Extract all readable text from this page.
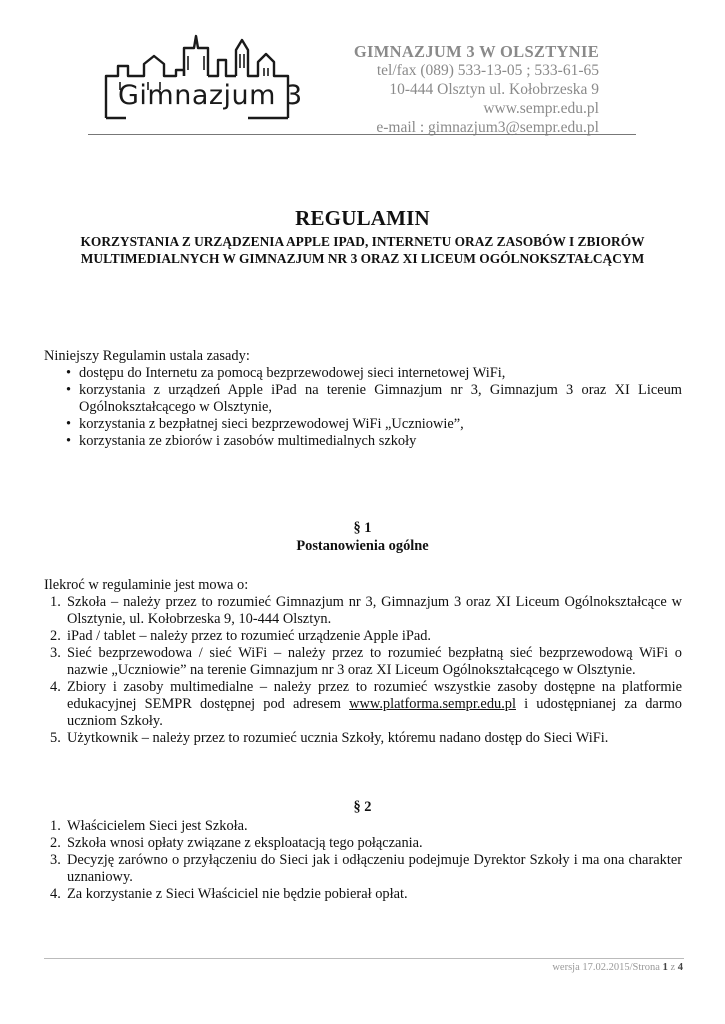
Gimnazjum 3
GIMNAZJUM 3 W OLSZTYNIE
tel/fax (089) 533-13-05 ; 533-61-65
10-444 Olsztyn ul. Kołobrzeska 9
www.sempr.edu.pl
e-mail : gimnazjum3@sempr.edu.pl
REGULAMIN
KORZYSTANIA Z URZĄDZENIA APPLE IPAD, INTERNETU ORAZ ZASOBÓW I ZBIORÓW
MULTIMEDIALNYCH W GIMNAZJUM NR 3 ORAZ XI LICEUM OGÓLNOKSZTAŁCĄCYM

Niniejszy Regulamin ustala zasady:

• dostępu do Internetu za pomocą bezprzewodowej sieci internetowej WiFi,
• korzystania z urządzeń Apple iPad na terenie Gimnazjum nr 3, Gimnazjum 3 oraz XI Liceum Ogólnokształcącego w Olsztynie,
• korzystania z bezpłatnej sieci bezprzewodowej WiFi „Uczniowie”,
• korzystania ze zbiorów i zasobów multimedialnych szkoły
§ 1
Postanowienia ogólne

Ilekroć w regulaminie jest mowa o:

1. Szkoła – należy przez to rozumieć Gimnazjum nr 3, Gimnazjum 3 oraz XI Liceum Ogólnokształcące w Olsztynie, ul. Kołobrzeska 9, 10-444 Olsztyn.
2. iPad / tablet – należy przez to rozumieć urządzenie Apple iPad.
3. Sieć bezprzewodowa / sieć WiFi – należy przez to rozumieć bezpłatną sieć bezprzewodową WiFi o nazwie „Uczniowie” na terenie Gimnazjum nr 3 oraz XI Liceum Ogólnokształcącego w Olsztynie.
4. Zbiory i zasoby multimedialne – należy przez to rozumieć wszystkie zasoby dostępne na platformie edukacyjnej SEMPR dostępnej pod adresem www.platforma.sempr.edu.pl i udostępnianej za darmo uczniom Szkoły.
5. Użytkownik – należy przez to rozumieć ucznia Szkoły, któremu nadano dostęp do Sieci WiFi.
§ 2
1. Właścicielem Sieci jest Szkoła.
2. Szkoła wnosi opłaty związane z eksploatacją tego połączania.
3. Decyzję zarówno o przyłączeniu do Sieci jak i odłączeniu podejmuje Dyrektor Szkoły i ma ona charakter uznaniowy.
4. Za korzystanie z Sieci Właściciel nie będzie pobierał opłat.
wersja 17.02.2015/Strona 1 z 4
